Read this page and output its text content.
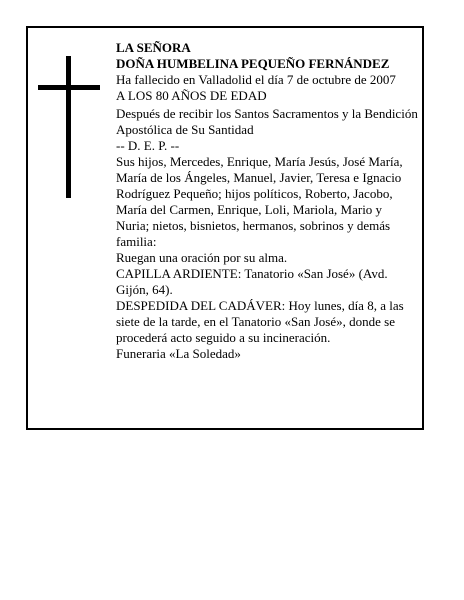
LA SEÑORA
DOÑA HUMBELINA PEQUEÑO FERNÁNDEZ
Ha fallecido en Valladolid el día 7 de octubre de 2007
A LOS 80 AÑOS DE EDAD
Después de recibir los Santos Sacramentos y la Bendición Apostólica de Su Santidad
-- D. E. P. --
Sus hijos, Mercedes, Enrique, María Jesús, José María, María de los Ángeles, Manuel, Javier, Teresa e Ignacio Rodríguez Pequeño; hijos políticos, Roberto, Jacobo, María del Carmen, Enrique, Loli, Mariola, Mario y Nuria; nietos, bisnietos, hermanos, sobrinos y demás familia:
Ruegan una oración por su alma.
CAPILLA ARDIENTE: Tanatorio «San José» (Avd. Gijón, 64).
DESPEDIDA DEL CADÁVER: Hoy lunes, día 8, a las siete de la tarde, en el Tanatorio «San José», donde se procederá acto seguido a su incineración.
Funeraria «La Soledad»
